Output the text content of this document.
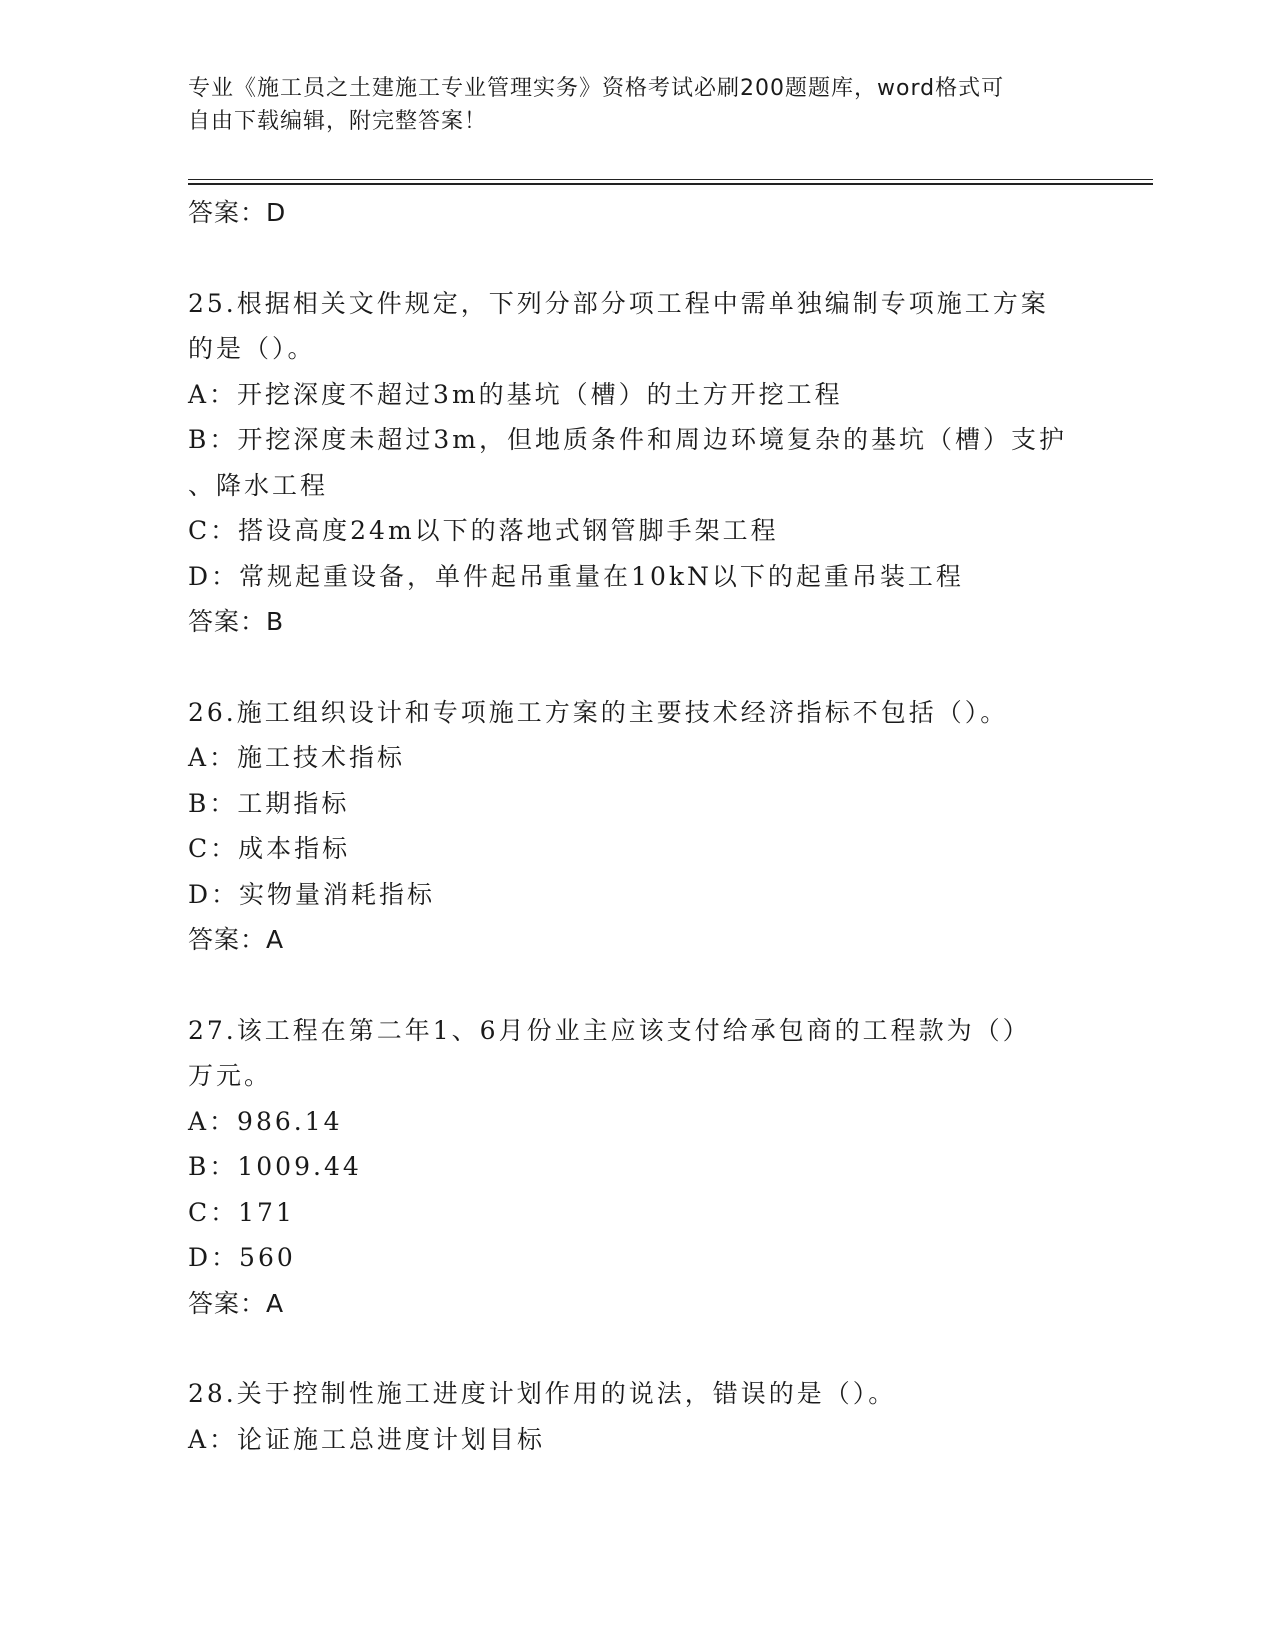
专业《施工员之土建施工专业管理实务》资格考试必刷200题题库，word格式可
自由下载编辑，附完整答案！
答案：D
25.根据相关文件规定，下列分部分项工程中需单独编制专项施工方案
的是（）。
A：开挖深度不超过3m的基坑（槽）的土方开挖工程
B：开挖深度未超过3m，但地质条件和周边环境复杂的基坑（槽）支护
、降水工程
C：搭设高度24m以下的落地式钢管脚手架工程
D：常规起重设备，单件起吊重量在10kN以下的起重吊装工程
答案：B
26.施工组织设计和专项施工方案的主要技术经济指标不包括（）。
A：施工技术指标
B：工期指标
C：成本指标
D：实物量消耗指标
答案：A
27.该工程在第二年1、6月份业主应该支付给承包商的工程款为（）
万元。
A：986.14
B：1009.44
C：171
D：560
答案：A
28.关于控制性施工进度计划作用的说法，错误的是（）。
A：论证施工总进度计划目标
